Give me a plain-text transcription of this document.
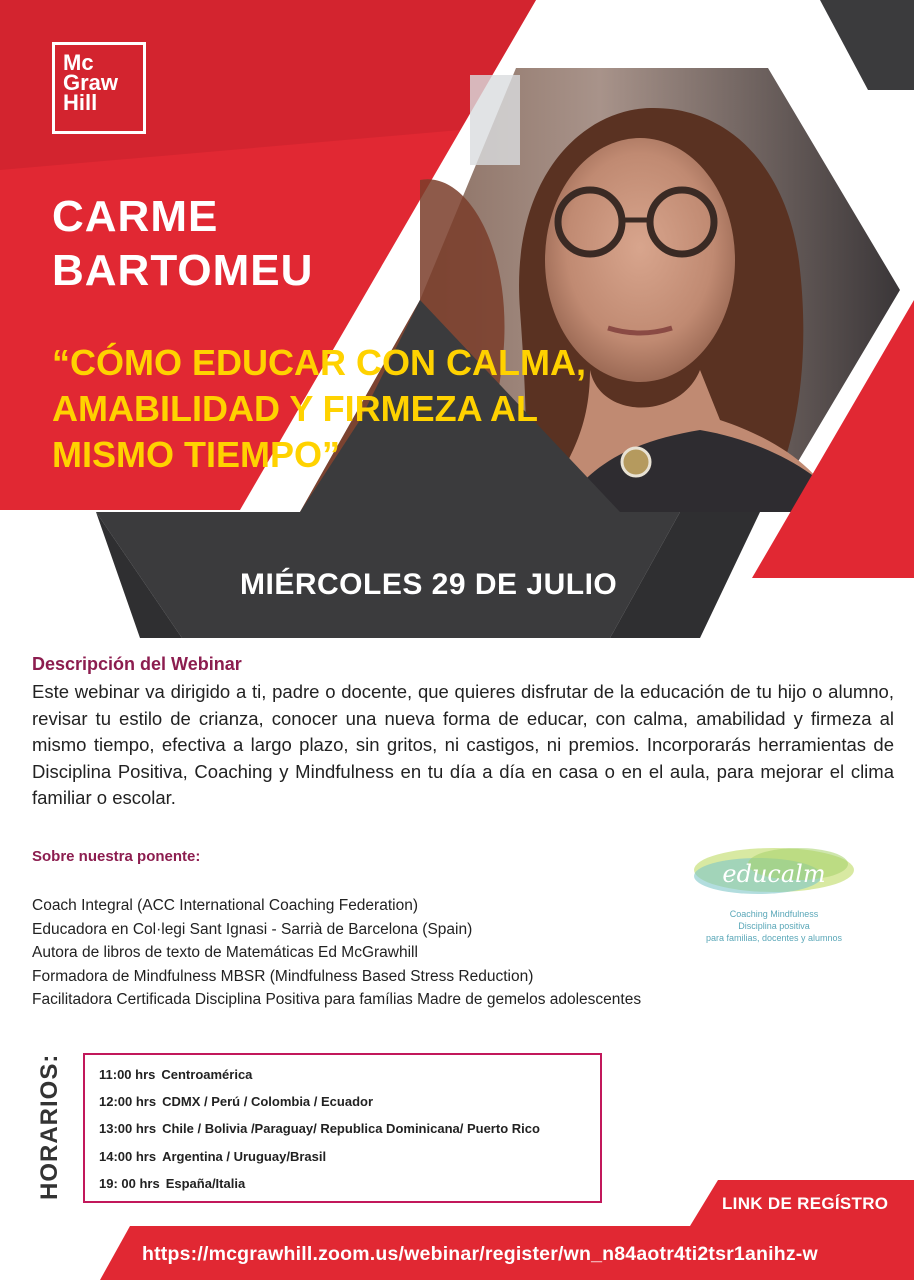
Mc
Graw
Hill
CARME
BARTOMEU
“CÓMO EDUCAR CON CALMA,
AMABILIDAD Y FIRMEZA AL
MISMO TIEMPO”
MIÉRCOLES 29 DE JULIO
Descripción del Webinar
Este webinar va dirigido a ti, padre o docente, que quieres disfrutar de la educación de tu hijo o alumno, revisar tu estilo de crianza, conocer una nueva forma de educar, con calma, amabilidad y firmeza al mismo tiempo, efectiva a largo plazo, sin gritos, ni castigos, ni premios. Incorporarás herramientas de Disciplina Positiva, Coaching y Mindfulness en tu día a día en casa o en el aula, para mejorar el clima familiar o escolar.
Sobre nuestra ponente:
Coach Integral (ACC International Coaching Federation)
Educadora en Col·legi Sant Ignasi - Sarrià de Barcelona (Spain)
Autora de libros de texto de Matemáticas Ed McGrawhill
Formadora de Mindfulness MBSR (Mindfulness Based Stress Reduction)
Facilitadora Certificada Disciplina Positiva para famílias Madre de gemelos adolescentes
educalm
Coaching Mindfulness
Disciplina positiva
para familias, docentes y alumnos
HORARIOS:	11:00 hrs Centroamérica
12:00 hrs CDMX / Perú / Colombia / Ecuador
13:00 hrs Chile / Bolivia /Paraguay/ Republica Dominicana/ Puerto Rico
14:00 hrs Argentina / Uruguay/Brasil
19: 00 hrs España/Italia
LINK DE REGÍSTRO
https://mcgrawhill.zoom.us/webinar/register/wn_n84aotr4ti2tsr1anihz-w
